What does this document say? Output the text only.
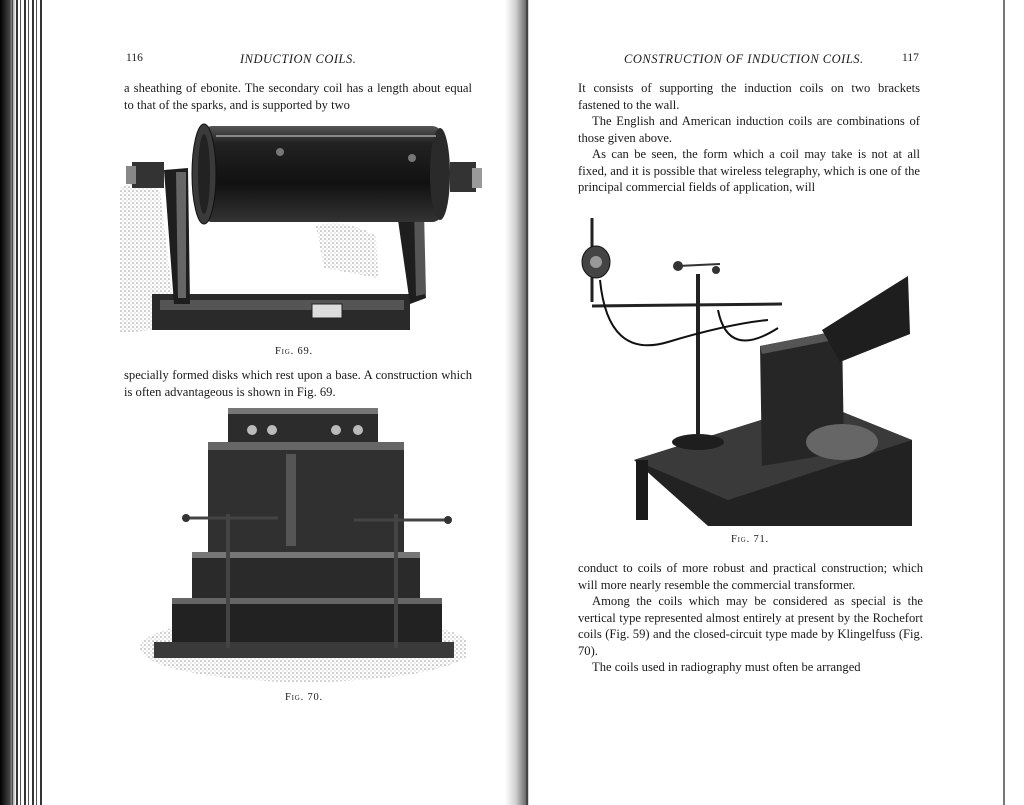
116	INDUCTION COILS.

a sheathing of ebonite. The secondary coil has a length about equal to that of the sparks, and is supported by two

Fig. 69.

specially formed disks which rest upon a base. A construction which is often advantageous is shown in Fig. 69.

Fig. 70.
CONSTRUCTION OF INDUCTION COILS.	117

It consists of supporting the induction coils on two brackets fastened to the wall.

The English and American induction coils are combinations of those given above.

As can be seen, the form which a coil may take is not at all fixed, and it is possible that wireless telegraphy, which is one of the principal commercial fields of application, will

Fig. 71.

conduct to coils of more robust and practical construction; which will more nearly resemble the commercial transformer.

Among the coils which may be considered as special is the vertical type represented almost entirely at present by the Rochefort coils (Fig. 59) and the closed-circuit type made by Klingelfuss (Fig. 70).

The coils used in radiography must often be arranged
